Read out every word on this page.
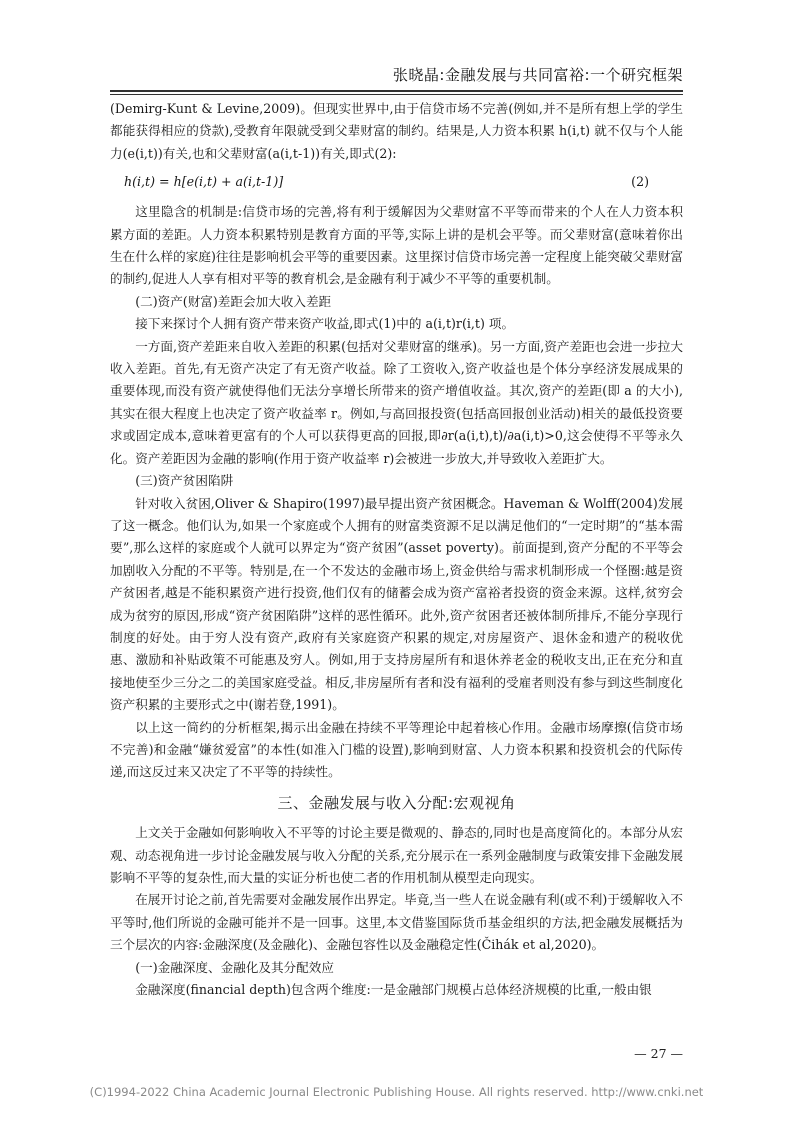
张晓晶:金融发展与共同富裕:一个研究框架

(Demirg-Kunt & Levine,2009)。但现实世界中,由于信贷市场不完善(例如,并不是所有想上学的学生都能获得相应的贷款),受教育年限就受到父辈财富的制约。结果是,人力资本积累 h(i,t) 就不仅与个人能力(e(i,t))有关,也和父辈财富(a(i,t-1))有关,即式(2):

h(i,t) = h[e(i,t) + a(i,t-1)]	(2)

这里隐含的机制是:信贷市场的完善,将有利于缓解因为父辈财富不平等而带来的个人在人力资本积累方面的差距。人力资本积累特别是教育方面的平等,实际上讲的是机会平等。而父辈财富(意味着你出生在什么样的家庭)往往是影响机会平等的重要因素。这里探讨信贷市场完善一定程度上能突破父辈财富的制约,促进人人享有相对平等的教育机会,是金融有利于减少不平等的重要机制。

(二)资产(财富)差距会加大收入差距

接下来探讨个人拥有资产带来资产收益,即式(1)中的 a(i,t)r(i,t) 项。

一方面,资产差距来自收入差距的积累(包括对父辈财富的继承)。另一方面,资产差距也会进一步拉大收入差距。首先,有无资产决定了有无资产收益。除了工资收入,资产收益也是个体分享经济发展成果的重要体现,而没有资产就使得他们无法分享增长所带来的资产增值收益。其次,资产的差距(即 a 的大小),其实在很大程度上也决定了资产收益率 r。例如,与高回报投资(包括高回报创业活动)相关的最低投资要求或固定成本,意味着更富有的个人可以获得更高的回报,即∂r(a(i,t),t)/∂a(i,t)>0,这会使得不平等永久化。资产差距因为金融的影响(作用于资产收益率 r)会被进一步放大,并导致收入差距扩大。

(三)资产贫困陷阱

针对收入贫困,Oliver & Shapiro(1997)最早提出资产贫困概念。Haveman & Wolff(2004)发展了这一概念。他们认为,如果一个家庭或个人拥有的财富类资源不足以满足他们的“一定时期”的“基本需要”,那么这样的家庭或个人就可以界定为“资产贫困”(asset poverty)。前面提到,资产分配的不平等会加剧收入分配的不平等。特别是,在一个不发达的金融市场上,资金供给与需求机制形成一个怪圈:越是资产贫困者,越是不能积累资产进行投资,他们仅有的储蓄会成为资产富裕者投资的资金来源。这样,贫穷会成为贫穷的原因,形成“资产贫困陷阱”这样的恶性循环。此外,资产贫困者还被体制所排斥,不能分享现行制度的好处。由于穷人没有资产,政府有关家庭资产积累的规定,对房屋资产、退休金和遗产的税收优惠、激励和补贴政策不可能惠及穷人。例如,用于支持房屋所有和退休养老金的税收支出,正在充分和直接地使至少三分之二的美国家庭受益。相反,非房屋所有者和没有福利的受雇者则没有参与到这些制度化资产积累的主要形式之中(谢若登,1991)。

以上这一简约的分析框架,揭示出金融在持续不平等理论中起着核心作用。金融市场摩擦(信贷市场不完善)和金融“嫌贫爱富”的本性(如准入门槛的设置),影响到财富、人力资本积累和投资机会的代际传递,而这反过来又决定了不平等的持续性。

三、金融发展与收入分配:宏观视角

上文关于金融如何影响收入不平等的讨论主要是微观的、静态的,同时也是高度简化的。本部分从宏观、动态视角进一步讨论金融发展与收入分配的关系,充分展示在一系列金融制度与政策安排下金融发展影响不平等的复杂性,而大量的实证分析也使二者的作用机制从模型走向现实。

在展开讨论之前,首先需要对金融发展作出界定。毕竟,当一些人在说金融有利(或不利)于缓解收入不平等时,他们所说的金融可能并不是一回事。这里,本文借鉴国际货币基金组织的方法,把金融发展概括为三个层次的内容:金融深度(及金融化)、金融包容性以及金融稳定性(Čihák et al,2020)。

(一)金融深度、金融化及其分配效应

金融深度(financial depth)包含两个维度:一是金融部门规模占总体经济规模的比重,一般由银

— 27 —
(C)1994-2022 China Academic Journal Electronic Publishing House. All rights reserved. http://www.cnki.net
